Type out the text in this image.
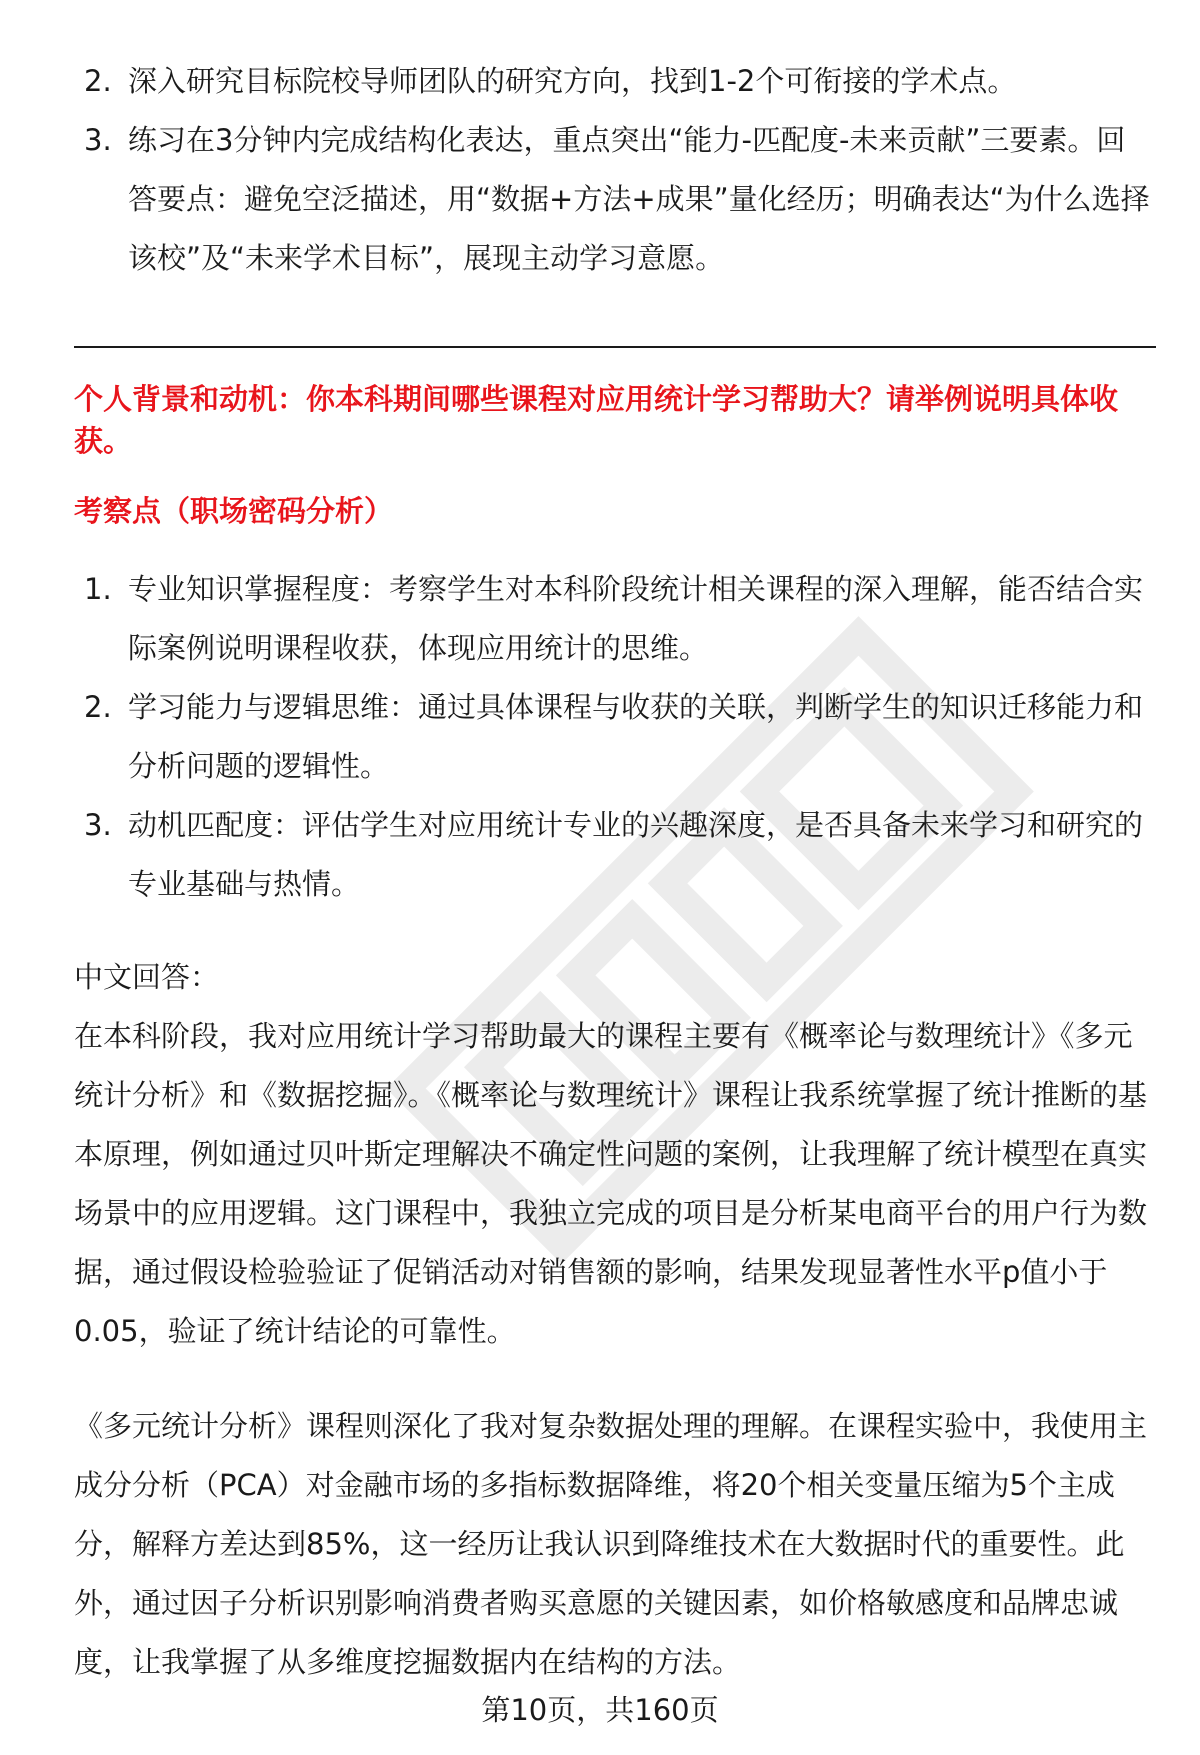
2. 深入研究目标院校导师团队的研究方向，找到1-2个可衔接的学术点。
3. 练习在3分钟内完成结构化表达，重点突出“能力-匹配度-未来贡献”三要素。回答要点：避免空泛描述，用“数据+方法+成果”量化经历；明确表达“为什么选择该校”及“未来学术目标”，展现主动学习意愿。
个人背景和动机：你本科期间哪些课程对应用统计学习帮助大？请举例说明具体收获。
考察点（职场密码分析）
1. 专业知识掌握程度：考察学生对本科阶段统计相关课程的深入理解，能否结合实际案例说明课程收获，体现应用统计的思维。
2. 学习能力与逻辑思维：通过具体课程与收获的关联，判断学生的知识迁移能力和分析问题的逻辑性。
3. 动机匹配度：评估学生对应用统计专业的兴趣深度，是否具备未来学习和研究的专业基础与热情。
中文回答：

在本科阶段，我对应用统计学习帮助最大的课程主要有《概率论与数理统计》《多元统计分析》和《数据挖掘》。《概率论与数理统计》课程让我系统掌握了统计推断的基本原理，例如通过贝叶斯定理解决不确定性问题的案例，让我理解了统计模型在真实场景中的应用逻辑。这门课程中，我独立完成的项目是分析某电商平台的用户行为数据，通过假设检验验证了促销活动对销售额的影响，结果发现显著性水平p值小于0.05，验证了统计结论的可靠性。

《多元统计分析》课程则深化了我对复杂数据处理的理解。在课程实验中，我使用主成分分析（PCA）对金融市场的多指标数据降维，将20个相关变量压缩为5个主成分，解释方差达到85%，这一经历让我认识到降维技术在大数据时代的重要性。此外，通过因子分析识别影响消费者购买意愿的关键因素，如价格敏感度和品牌忠诚度，让我掌握了从多维度挖掘数据内在结构的方法。

第10页，共160页
